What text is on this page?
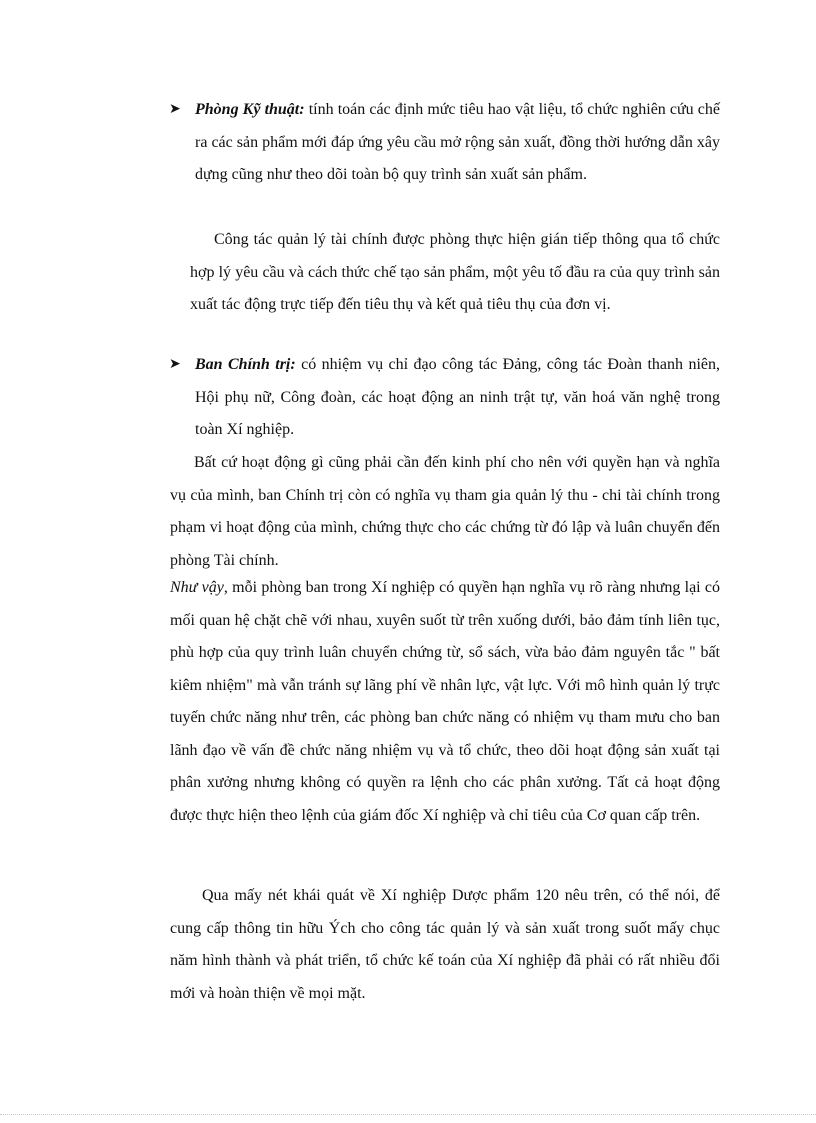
➤ Phòng Kỹ thuật: tính toán các định mức tiêu hao vật liệu, tổ chức nghiên cứu chế ra các sản phẩm mới đáp ứng yêu cầu mở rộng sản xuất, đồng thời hướng dẫn xây dựng cũng như theo dõi toàn bộ quy trình sản xuất sản phẩm.
Công tác quản lý tài chính được phòng thực hiện gián tiếp thông qua tổ chức hợp lý yêu cầu và cách thức chế tạo sản phẩm, một yêu tố đầu ra của quy trình sản xuất tác động trực tiếp đến tiêu thụ và kết quả tiêu thụ của đơn vị.
➤ Ban Chính trị: có nhiệm vụ chỉ đạo công tác Đảng, công tác Đoàn thanh niên, Hội phụ nữ, Công đoàn, các hoạt động an ninh trật tự, văn hoá văn nghệ trong toàn Xí nghiệp.
Bất cứ hoạt động gì cũng phải cần đến kinh phí cho nên với quyền hạn và nghĩa vụ của mình, ban Chính trị còn có nghĩa vụ tham gia quản lý thu - chi tài chính trong phạm vi hoạt động của mình, chứng thực cho các chứng từ đó lập và luân chuyển đến phòng Tài chính.
Như vậy, mỗi phòng ban trong Xí nghiệp có quyền hạn nghĩa vụ rõ ràng nhưng lại có mối quan hệ chặt chẽ với nhau, xuyên suốt từ trên xuống dưới, bảo đảm tính liên tục, phù hợp của quy trình luân chuyển chứng từ, sổ sách, vừa bảo đảm nguyên tắc " bất kiêm nhiệm" mà vẫn tránh sự lãng phí về nhân lực, vật lực. Với mô hình quản lý trực tuyến chức năng như trên, các phòng ban chức năng có nhiệm vụ tham mưu cho ban lãnh đạo về vấn đề chức năng nhiệm vụ và tổ chức, theo dõi hoạt động sản xuất tại phân xưởng nhưng không có quyền ra lệnh cho các phân xưởng. Tất cả hoạt động được thực hiện theo lệnh của giám đốc Xí nghiệp và chỉ tiêu của Cơ quan cấp trên.
Qua mấy nét khái quát về Xí nghiệp Dược phẩm 120 nêu trên, có thể nói, để cung cấp thông tin hữu Ých cho công tác quản lý và sản xuất trong suốt mấy chục năm hình thành và phát triển, tổ chức kế toán của Xí nghiệp đã phải có rất nhiều đổi mới và hoàn thiện về mọi mặt.
